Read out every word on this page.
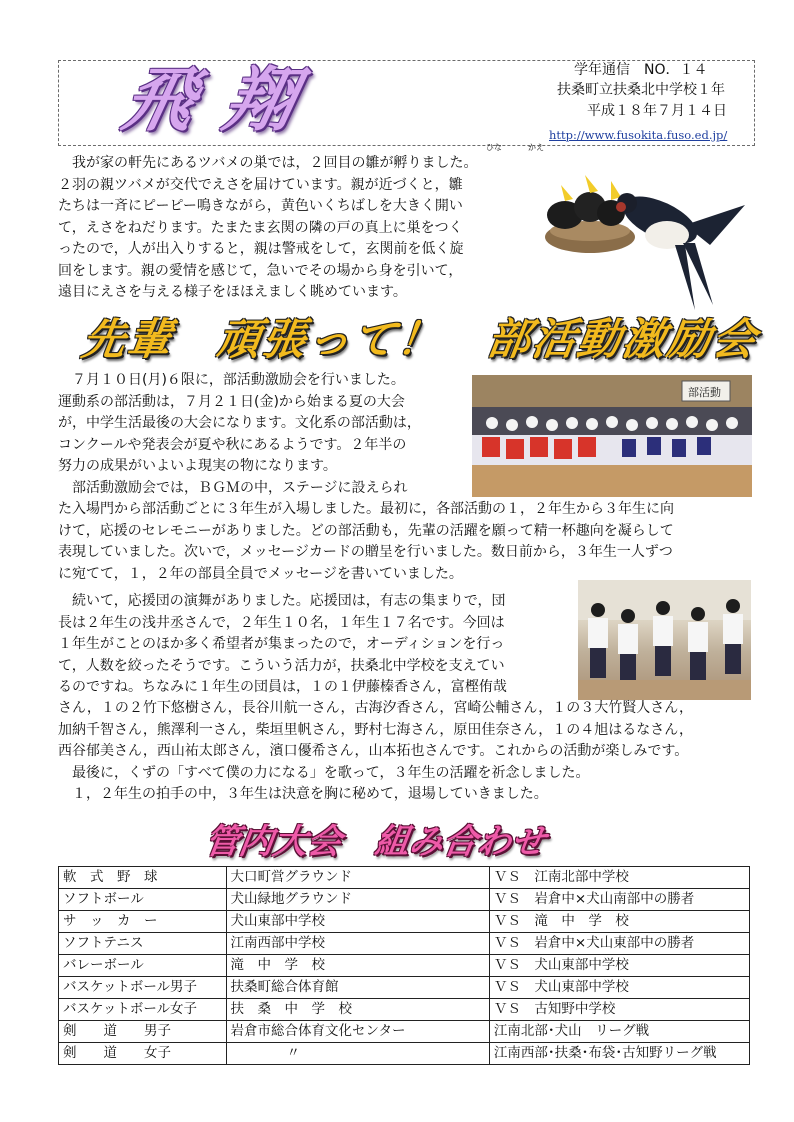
飛翔	学年通信　NO．１４
扶桑町立扶桑北中学校１年
平成１８年７月１４日
http://www.fusokita.fuso.ed.jp/
ひな	かえ
我が家の軒先にあるツバメの巣では，２回目の雛が孵りました。
２羽の親ツバメが交代でえさを届けています。親が近づくと，雛
たちは一斉にピーピー鳴きながら，黄色いくちばしを大きく開い
て，えさをねだります。たまたま玄関の隣の戸の真上に巣をつく
ったので，人が出入りすると，親は警戒をして，玄関前を低く旋
回をします。親の愛情を感じて，急いでその場から身を引いて，
遠目にえさを与える様子をほほえましく眺めています。
先輩　頑張って！　部活動激励会
部活動
　７月１０日(月)６限に，部活動激励会を行いました。
運動系の部活動は，７月２１日(金)から始まる夏の大会
が，中学生活最後の大会になります。文化系の部活動は，
コンクールや発表会が夏や秋にあるようです。２年半の
努力の成果がいよいよ現実の物になります。
　部活動激励会では，ＢＧＭの中，ステージに設えられ
た入場門から部活動ごとに３年生が入場しました。最初に，各部活動の１，２年生から３年生に向
けて，応援のセレモニーがありました。どの部活動も，先輩の活躍を願って精一杯趣向を凝らして
表現していました。次いで，メッセージカードの贈呈を行いました。数日前から，３年生一人ずつ
に宛てて，１，２年の部員全員でメッセージを書いていました。
　続いて，応援団の演舞がありました。応援団は，有志の集まりで，団
長は２年生の浅井丞さんで，２年生１０名，１年生１７名です。今回は
１年生がことのほか多く希望者が集まったので，オーディションを行っ
て，人数を絞ったそうです。こういう活力が，扶桑北中学校を支えてい
るのですね。ちなみに１年生の団員は，１の１伊藤榛香さん，富樫侑哉
さん，１の２竹下悠樹さん，長谷川航一さん，古海汐香さん，宮崎公輔さん，１の３大竹賢人さん，
加納千智さん，熊澤利一さん，柴垣里帆さん，野村七海さん，原田佳奈さん，１の４旭はるなさん，
西谷郁美さん，西山祐太郎さん，濱口優希さん，山本拓也さんです。これからの活動が楽しみです。
　最後に，くずの「すべて僕の力になる」を歌って，３年生の活躍を祈念しました。
　１，２年生の拍手の中，３年生は決意を胸に秘めて，退場していきました。
管内大会　組み合わせ
軟　式　野　球	大口町営グラウンド	ＶＳ　江南北部中学校
ソフトボール	犬山緑地グラウンド	ＶＳ　岩倉中×犬山南部中の勝者
サ　ッ　カ　ー	犬山東部中学校	ＶＳ　滝　中　学　校
ソフトテニス	江南西部中学校	ＶＳ　岩倉中×犬山東部中の勝者
バレーボール	滝　中　学　校	ＶＳ　犬山東部中学校
バスケットボール男子	扶桑町総合体育館	ＶＳ　犬山東部中学校
バスケットボール女子	扶　桑　中　学　校	ＶＳ　古知野中学校
剣　　道　　男子	岩倉市総合体育文化センター	江南北部･犬山　リーグ戦
剣　　道　　女子	〃	江南西部･扶桑･布袋･古知野リーグ戦
